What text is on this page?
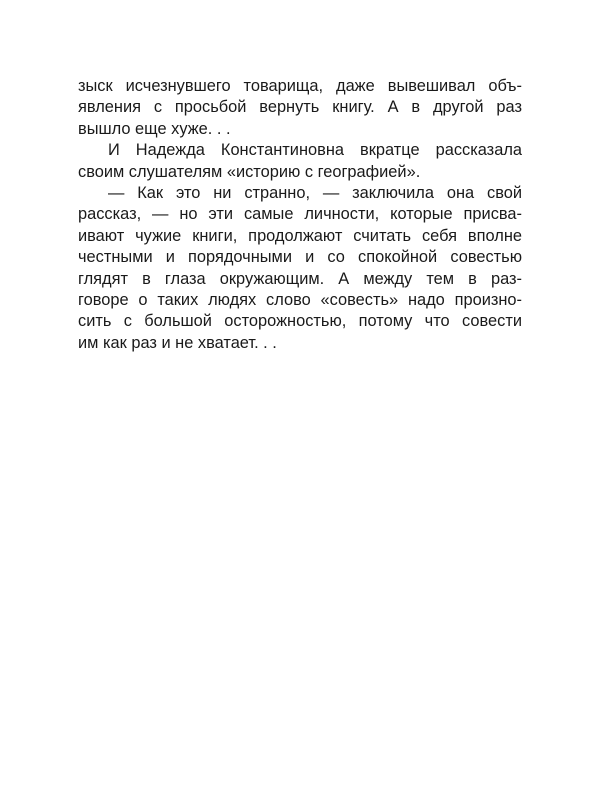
зыск исчезнувшего товарища, даже вывешивал объ-
явления с просьбой вернуть книгу. А в другой раз
вышло еще хуже. . .
И Надежда Константиновна вкратце рассказала
своим слушателям «историю с географией».
— Как это ни странно, — заключила она свой
рассказ, — но эти самые личности, которые присва-
ивают чужие книги, продолжают считать себя вполне
честными и порядочными и со спокойной совестью
глядят в глаза окружающим. А между тем в раз-
говоре о таких людях слово «совесть» надо произно-
сить с большой осторожностью, потому что совести
им как раз и не хватает. . .
